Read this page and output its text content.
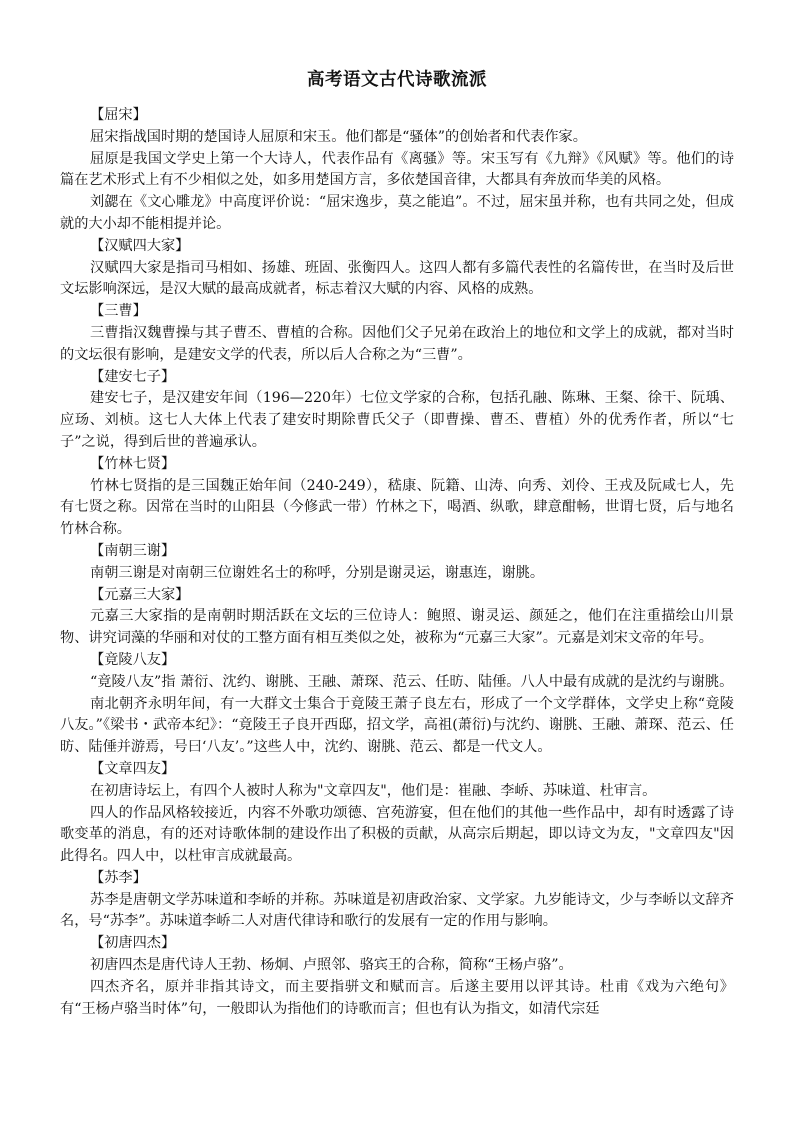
高考语文古代诗歌流派

【屈宋】

屈宋指战国时期的楚国诗人屈原和宋玉。他们都是“骚体”的创始者和代表作家。

屈原是我国文学史上第一个大诗人，代表作品有《离骚》等。宋玉写有《九辩》《风赋》等。他们的诗篇在艺术形式上有不少相似之处，如多用楚国方言，多依楚国音律，大都具有奔放而华美的风格。

刘勰在《文心雕龙》中高度评价说：“屈宋逸步，莫之能追”。不过，屈宋虽并称，也有共同之处，但成就的大小却不能相提并论。

【汉赋四大家】

汉赋四大家是指司马相如、扬雄、班固、张衡四人。这四人都有多篇代表性的名篇传世，在当时及后世文坛影响深远，是汉大赋的最高成就者，标志着汉大赋的内容、风格的成熟。

【三曹】

三曹指汉魏曹操与其子曹丕、曹植的合称。因他们父子兄弟在政治上的地位和文学上的成就，都对当时的文坛很有影响，是建安文学的代表，所以后人合称之为“三曹”。

【建安七子】

建安七子，是汉建安年间（196—220年）七位文学家的合称，包括孔融、陈琳、王粲、徐干、阮瑀、应玚、刘桢。这七人大体上代表了建安时期除曹氏父子（即曹操、曹丕、曹植）外的优秀作者，所以“七子”之说，得到后世的普遍承认。

【竹林七贤】

竹林七贤指的是三国魏正始年间（240-249），嵇康、阮籍、山涛、向秀、刘伶、王戎及阮咸七人，先有七贤之称。因常在当时的山阳县（今修武一带）竹林之下，喝酒、纵歌，肆意酣畅，世谓七贤，后与地名竹林合称。

【南朝三谢】

南朝三谢是对南朝三位谢姓名士的称呼，分别是谢灵运，谢惠连，谢朓。

【元嘉三大家】

元嘉三大家指的是南朝时期活跃在文坛的三位诗人：鲍照、谢灵运、颜延之，他们在注重描绘山川景物、讲究词藻的华丽和对仗的工整方面有相互类似之处，被称为“元嘉三大家”。元嘉是刘宋文帝的年号。

【竟陵八友】

“竟陵八友”指 萧衍、沈约、谢朓、王融、萧琛、范云、任昉、陆倕。八人中最有成就的是沈约与谢朓。

南北朝齐永明年间，有一大群文士集合于竟陵王萧子良左右，形成了一个文学群体，文学史上称“竟陵八友。”《梁书・武帝本纪》：“竟陵王子良开西邸，招文学，高祖(萧衍)与沈约、谢朓、王融、萧琛、范云、任昉、陆倕并游焉，号曰‘八友’。”这些人中，沈约、谢朓、范云、都是一代文人。

【文章四友】

在初唐诗坛上，有四个人被时人称为"文章四友"，他们是：崔融、李峤、苏味道、杜审言。

四人的作品风格较接近，内容不外歌功颂德、宫苑游宴，但在他们的其他一些作品中，却有时透露了诗歌变革的消息，有的还对诗歌体制的建设作出了积极的贡献，从高宗后期起，即以诗文为友，"文章四友"因此得名。四人中，以杜审言成就最高。

【苏李】

苏李是唐朝文学苏味道和李峤的并称。苏味道是初唐政治家、文学家。九岁能诗文，少与李峤以文辞齐名，号“苏李”。苏味道李峤二人对唐代律诗和歌行的发展有一定的作用与影响。

【初唐四杰】

初唐四杰是唐代诗人王勃、杨炯、卢照邻、骆宾王的合称，简称“王杨卢骆”。

四杰齐名，原并非指其诗文，而主要指骈文和赋而言。后遂主要用以评其诗。杜甫《戏为六绝句》有“王杨卢骆当时体”句，一般即认为指他们的诗歌而言；但也有认为指文，如清代宗廷
